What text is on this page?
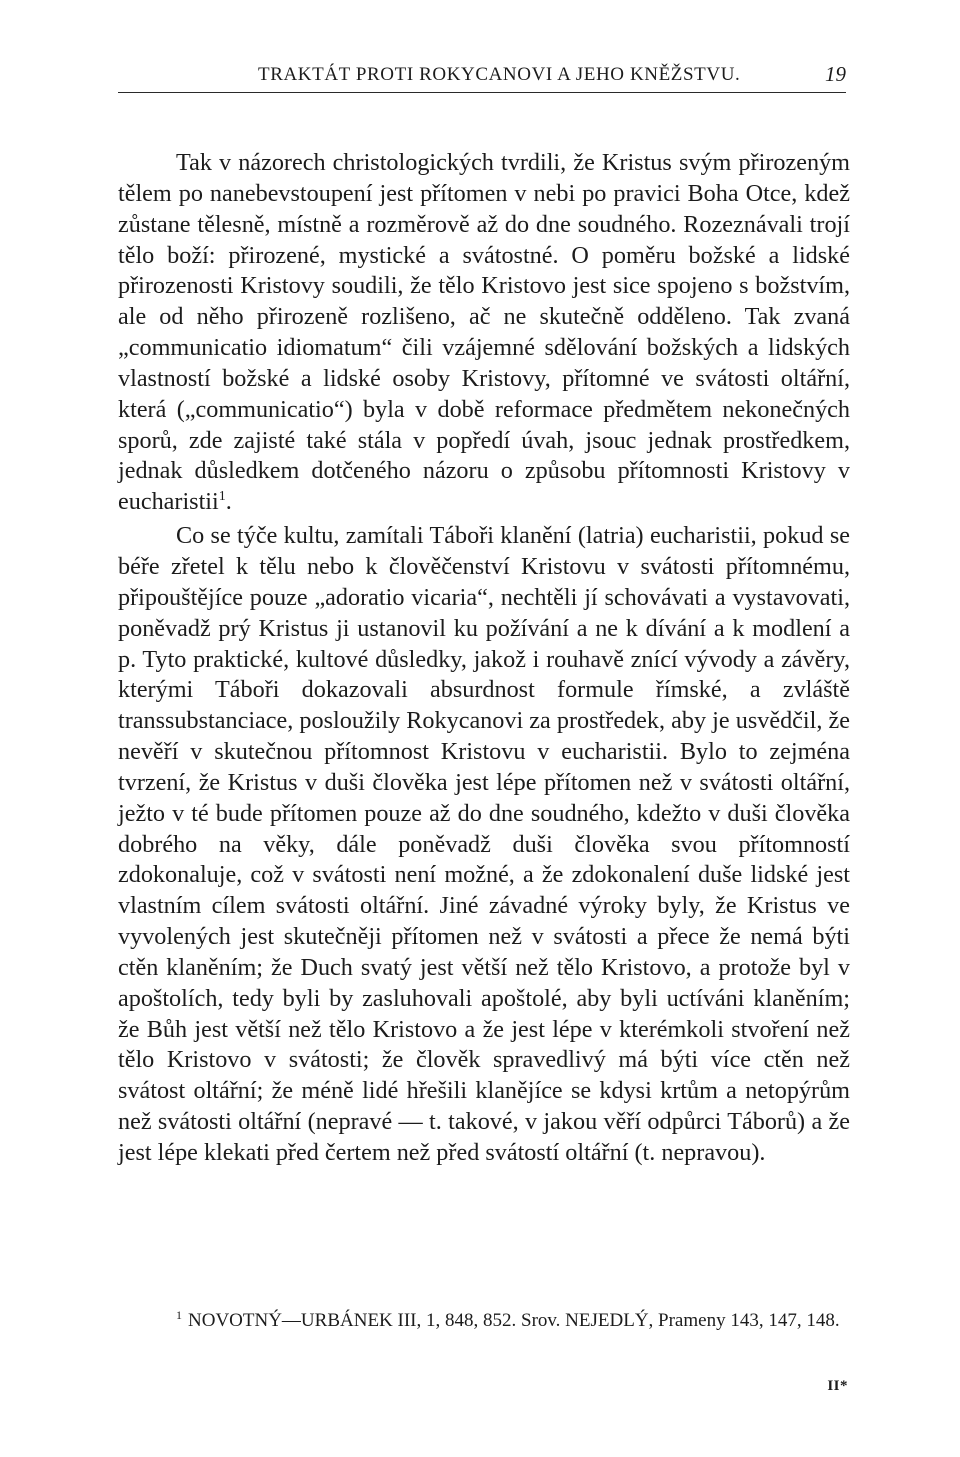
TRAKTÁT PROTI ROKYCANOVI A JEHO KNĚŽSTVU.	19

Tak v názorech christologických tvrdili, že Kristus svým přirozeným tělem po nanebevstoupení jest přítomen v nebi po pravici Boha Otce, kdež zůstane tělesně, místně a rozměrově až do dne soudného. Rozeznávali trojí tělo boží: přirozené, mystické a svátostné. O poměru božské a lidské přirozenosti Kristovy soudili, že tělo Kristovo jest sice spojeno s božstvím, ale od něho přirozeně rozlišeno, ač ne skutečně odděleno. Tak zvaná „communicatio idiomatum“ čili vzájemné sdělování božských a lidských vlastností božské a lidské osoby Kristovy, přítomné ve svátosti oltářní, která („communicatio“) byla v době reformace předmětem nekonečných sporů, zde zajisté také stála v popředí úvah, jsouc jednak prostředkem, jednak důsledkem dotčeného názoru o způsobu přítomnosti Kristovy v eucharistii$^1$.

Co se týče kultu, zamítali Táboři klanění (latria) eucharistii, pokud se béře zřetel k tělu nebo k člověčenství Kristovu v svátosti přítomnému, připouštějíce pouze „adoratio vicaria“, nechtěli jí schovávati a vystavovati, poněvadž prý Kristus ji ustanovil ku požívání a ne k dívání a k modlení a p. Tyto praktické, kultové důsledky, jakož i rouhavě znící vývody a závěry, kterými Táboři dokazovali absurdnost formule římské, a zvláště transsubstanciace, posloužily Rokycanovi za prostředek, aby je usvědčil, že nevěří v skutečnou přítomnost Kristovu v eucharistii. Bylo to zejména tvrzení, že Kristus v duši člověka jest lépe přítomen než v svátosti oltářní, ježto v té bude přítomen pouze až do dne soudného, kdežto v duši člověka dobrého na věky, dále poněvadž duši člověka svou přítomností zdokonaluje, což v svátosti není možné, a že zdokonalení duše lidské jest vlastním cílem svátosti oltářní. Jiné závadné výroky byly, že Kristus ve vyvolených jest skutečněji přítomen než v svátosti a přece že nemá býti ctěn klaněním; že Duch svatý jest větší než tělo Kristovo, a protože byl v apoštolích, tedy byli by zasluhovali apoštolé, aby byli uctíváni klaněním; že Bůh jest větší než tělo Kristovo a že jest lépe v kterémkoli stvoření než tělo Kristovo v svátosti; že člověk spravedlivý má býti více ctěn než svátost oltářní; že méně lidé hřešili klanějíce se kdysi krtům a netopýrům než svátosti oltářní (nepravé — t. takové, v jakou věří odpůrci Táborů) a že jest lépe klekati před čertem než před svátostí oltářní (t. nepravou).

$^1$ NOVOTNÝ—URBÁNEK III, 1, 848, 852. Srov. NEJEDLÝ, Prameny 143, 147, 148.

II*
